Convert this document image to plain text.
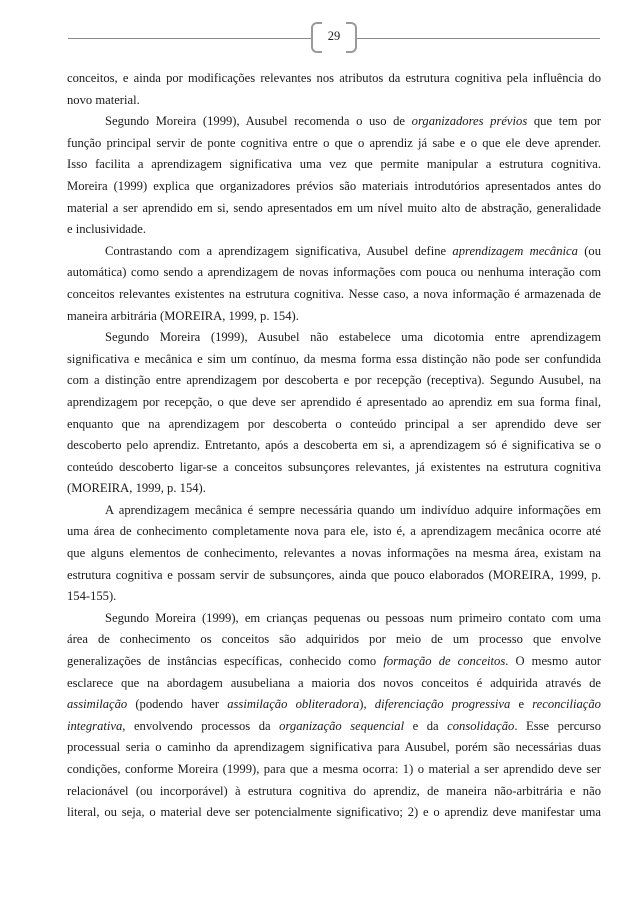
29
conceitos, e ainda por modificações relevantes nos atributos da estrutura cognitiva pela influência do
novo material.
Segundo Moreira (1999), Ausubel recomenda o uso de organizadores prévios que tem por
função principal servir de ponte cognitiva entre o que o aprendiz já sabe e o que ele deve aprender.
Isso facilita a aprendizagem significativa uma vez que permite manipular a estrutura cognitiva.
Moreira (1999) explica que organizadores prévios são materiais introdutórios apresentados antes do
material a ser aprendido em si, sendo apresentados em um nível muito alto de abstração, generalidade
e inclusividade.
Contrastando com a aprendizagem significativa, Ausubel define aprendizagem mecânica (ou
automática) como sendo a aprendizagem de novas informações com pouca ou nenhuma interação com
conceitos relevantes existentes na estrutura cognitiva. Nesse caso, a nova informação é armazenada de
maneira arbitrária (MOREIRA, 1999, p. 154).
Segundo Moreira (1999), Ausubel não estabelece uma dicotomia entre aprendizagem
significativa e mecânica e sim um contínuo, da mesma forma essa distinção não pode ser confundida
com a distinção entre aprendizagem por descoberta e por recepção (receptiva). Segundo Ausubel, na
aprendizagem por recepção, o que deve ser aprendido é apresentado ao aprendiz em sua forma final,
enquanto que na aprendizagem por descoberta o conteúdo principal a ser aprendido deve ser
descoberto pelo aprendiz. Entretanto, após a descoberta em si, a aprendizagem só é significativa se o
conteúdo descoberto ligar-se a conceitos subsunçores relevantes, já existentes na estrutura cognitiva
(MOREIRA, 1999, p. 154).
A aprendizagem mecânica é sempre necessária quando um indivíduo adquire informações em
uma área de conhecimento completamente nova para ele, isto é, a aprendizagem mecânica ocorre até
que alguns elementos de conhecimento, relevantes a novas informações na mesma área, existam na
estrutura cognitiva e possam servir de subsunçores, ainda que pouco elaborados (MOREIRA, 1999, p.
154-155).
Segundo Moreira (1999), em crianças pequenas ou pessoas num primeiro contato com uma
área de conhecimento os conceitos são adquiridos por meio de um processo que envolve
generalizações de instâncias específicas, conhecido como formação de conceitos. O mesmo autor
esclarece que na abordagem ausubeliana a maioria dos novos conceitos é adquirida através de
assimilação (podendo haver assimilação obliteradora), diferenciação progressiva e reconciliação
integrativa, envolvendo processos da organização sequencial e da consolidação. Esse percurso
processual seria o caminho da aprendizagem significativa para Ausubel, porém são necessárias duas
condições, conforme Moreira (1999), para que a mesma ocorra: 1) o material a ser aprendido deve ser
relacionável (ou incorporável) à estrutura cognitiva do aprendiz, de maneira não-arbitrária e não
literal, ou seja, o material deve ser potencialmente significativo; 2) e o aprendiz deve manifestar uma
